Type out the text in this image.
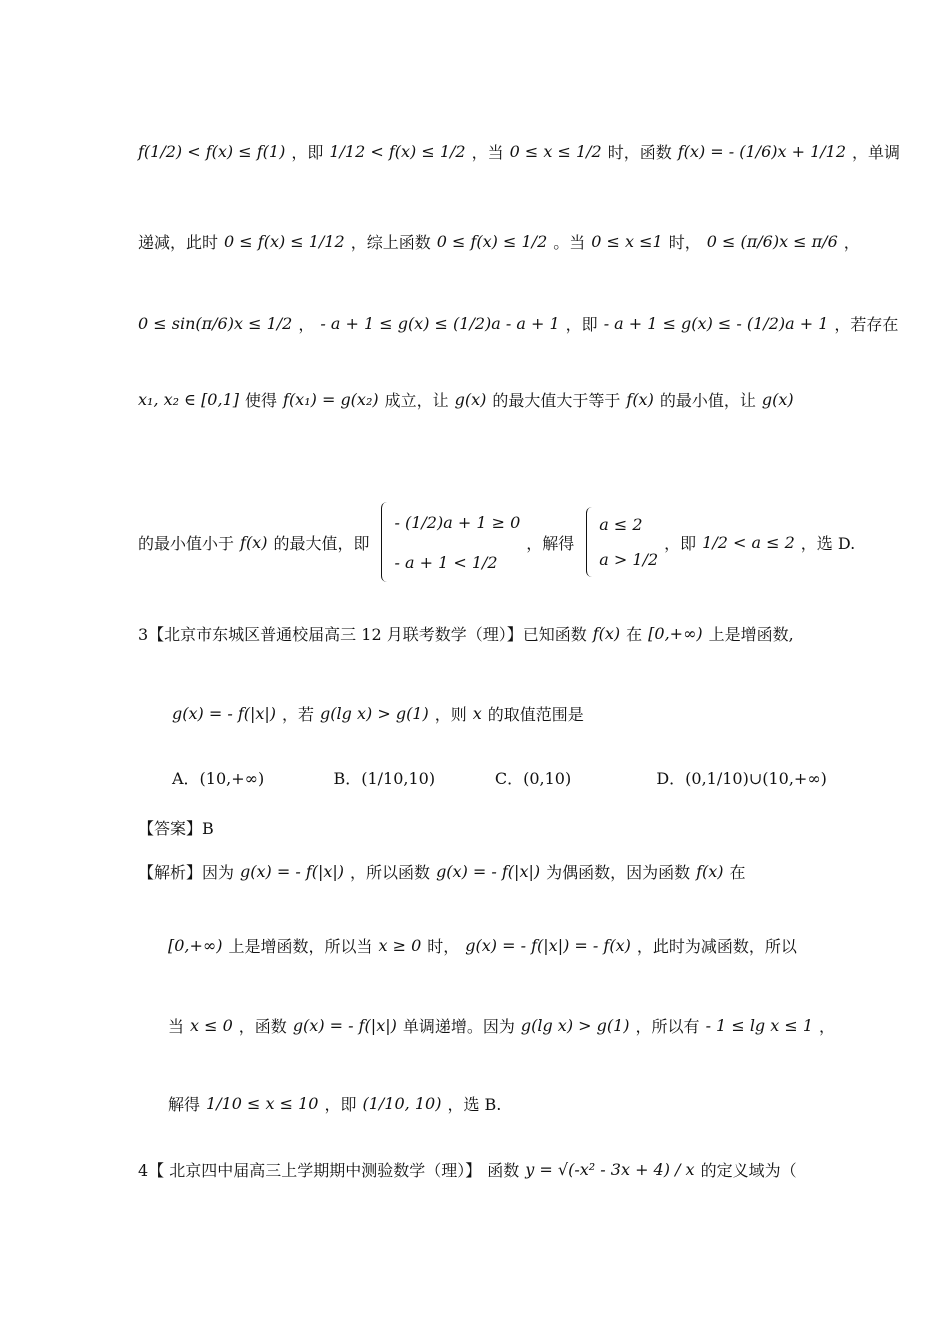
f(1/2) < f(x) ≤ f(1) ，即 1/12 < f(x) ≤ 1/2 ，当 0 ≤ x ≤ 1/2 时，函数 f(x) = - (1/6)x + 1/12 ，单调
递减，此时 0 ≤ f(x) ≤ 1/12 ，综上函数 0 ≤ f(x) ≤ 1/2 。当 0 ≤ x ≤1 时， 0 ≤ (π/6)x ≤ π/6 ，
0 ≤ sin(π/6)x ≤ 1/2 ， - a + 1 ≤ g(x) ≤ (1/2)a - a + 1 ，即 - a + 1 ≤ g(x) ≤ - (1/2)a + 1 ，若存在
x₁, x₂ ∈ [0,1] 使得 f(x₁) = g(x₂) 成立，让 g(x) 的最大值大于等于 f(x) 的最小值，让 g(x)
的最小值小于 f(x) 的最大值，即
- (1/2)a + 1 ≥ 0
- a + 1 < 1/2
，解得
a ≤ 2
a > 1/2
，即 1/2 < a ≤ 2 ，选 D.
3【北京市东城区普通校届高三 12 月联考数学（理）】已知函数 f(x) 在 [0,+∞) 上是增函数,
g(x) = - f(|x|) ，若 g(lg x) > g(1) ，则 x 的取值范围是
A．(10,+∞)	B．(1/10,10)	C．(0,10)	D．(0,1/10)∪(10,+∞)
【答案】B
【解析】因为 g(x) = - f(|x|) ，所以函数 g(x) = - f(|x|) 为偶函数，因为函数 f(x) 在
[0,+∞) 上是增函数，所以当 x ≥ 0 时， g(x) = - f(|x|) = - f(x) ，此时为减函数，所以
当 x ≤ 0 ，函数 g(x) = - f(|x|) 单调递增。因为 g(lg x) > g(1) ，所以有 - 1 ≤ lg x ≤ 1 ，
解得 1/10 ≤ x ≤ 10 ，即 (1/10, 10) ，选 B.
4【 北京四中届高三上学期期中测验数学（理）】 函数 y = √(-x² - 3x + 4) / x 的定义域为（
